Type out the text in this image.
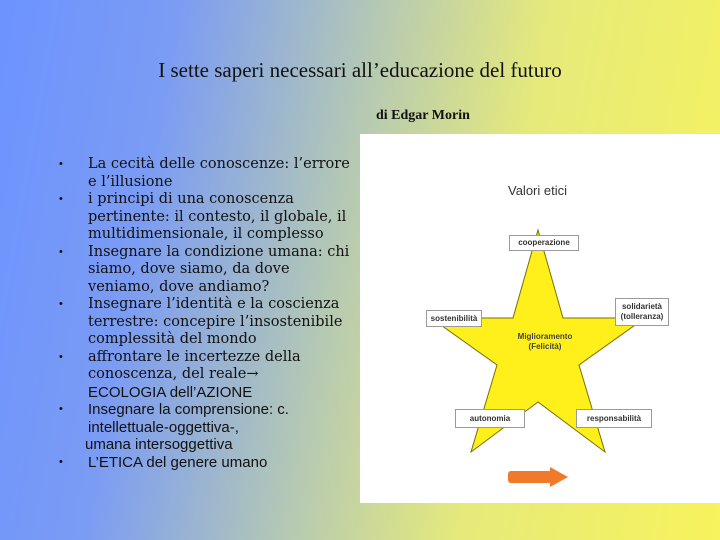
I sette saperi necessari all’educazione del futuro
di Edgar Morin
• La cecità delle conoscenze: l’errore e l’illusione
• i principi di una conoscenza pertinente: il contesto, il globale, il multidimensionale, il complesso
• Insegnare la condizione umana: chi siamo, dove siamo, da dove veniamo, dove andiamo?
• Insegnare l’identità e la coscienza terrestre: concepire l’insostenibile complessità del mondo
• affrontare le incertezze della conoscenza, del reale→
ECOLOGIA dell’AZIONE
• Insegnare la comprensione: c. intellettuale-oggettiva-,
umana intersoggettiva
• L’ETICA del genere umano
Valori etici
cooperazione
sostenibilità
solidarietà
(tolleranza)
autonomia	responsabilità
Miglioramento
(Felicità)
